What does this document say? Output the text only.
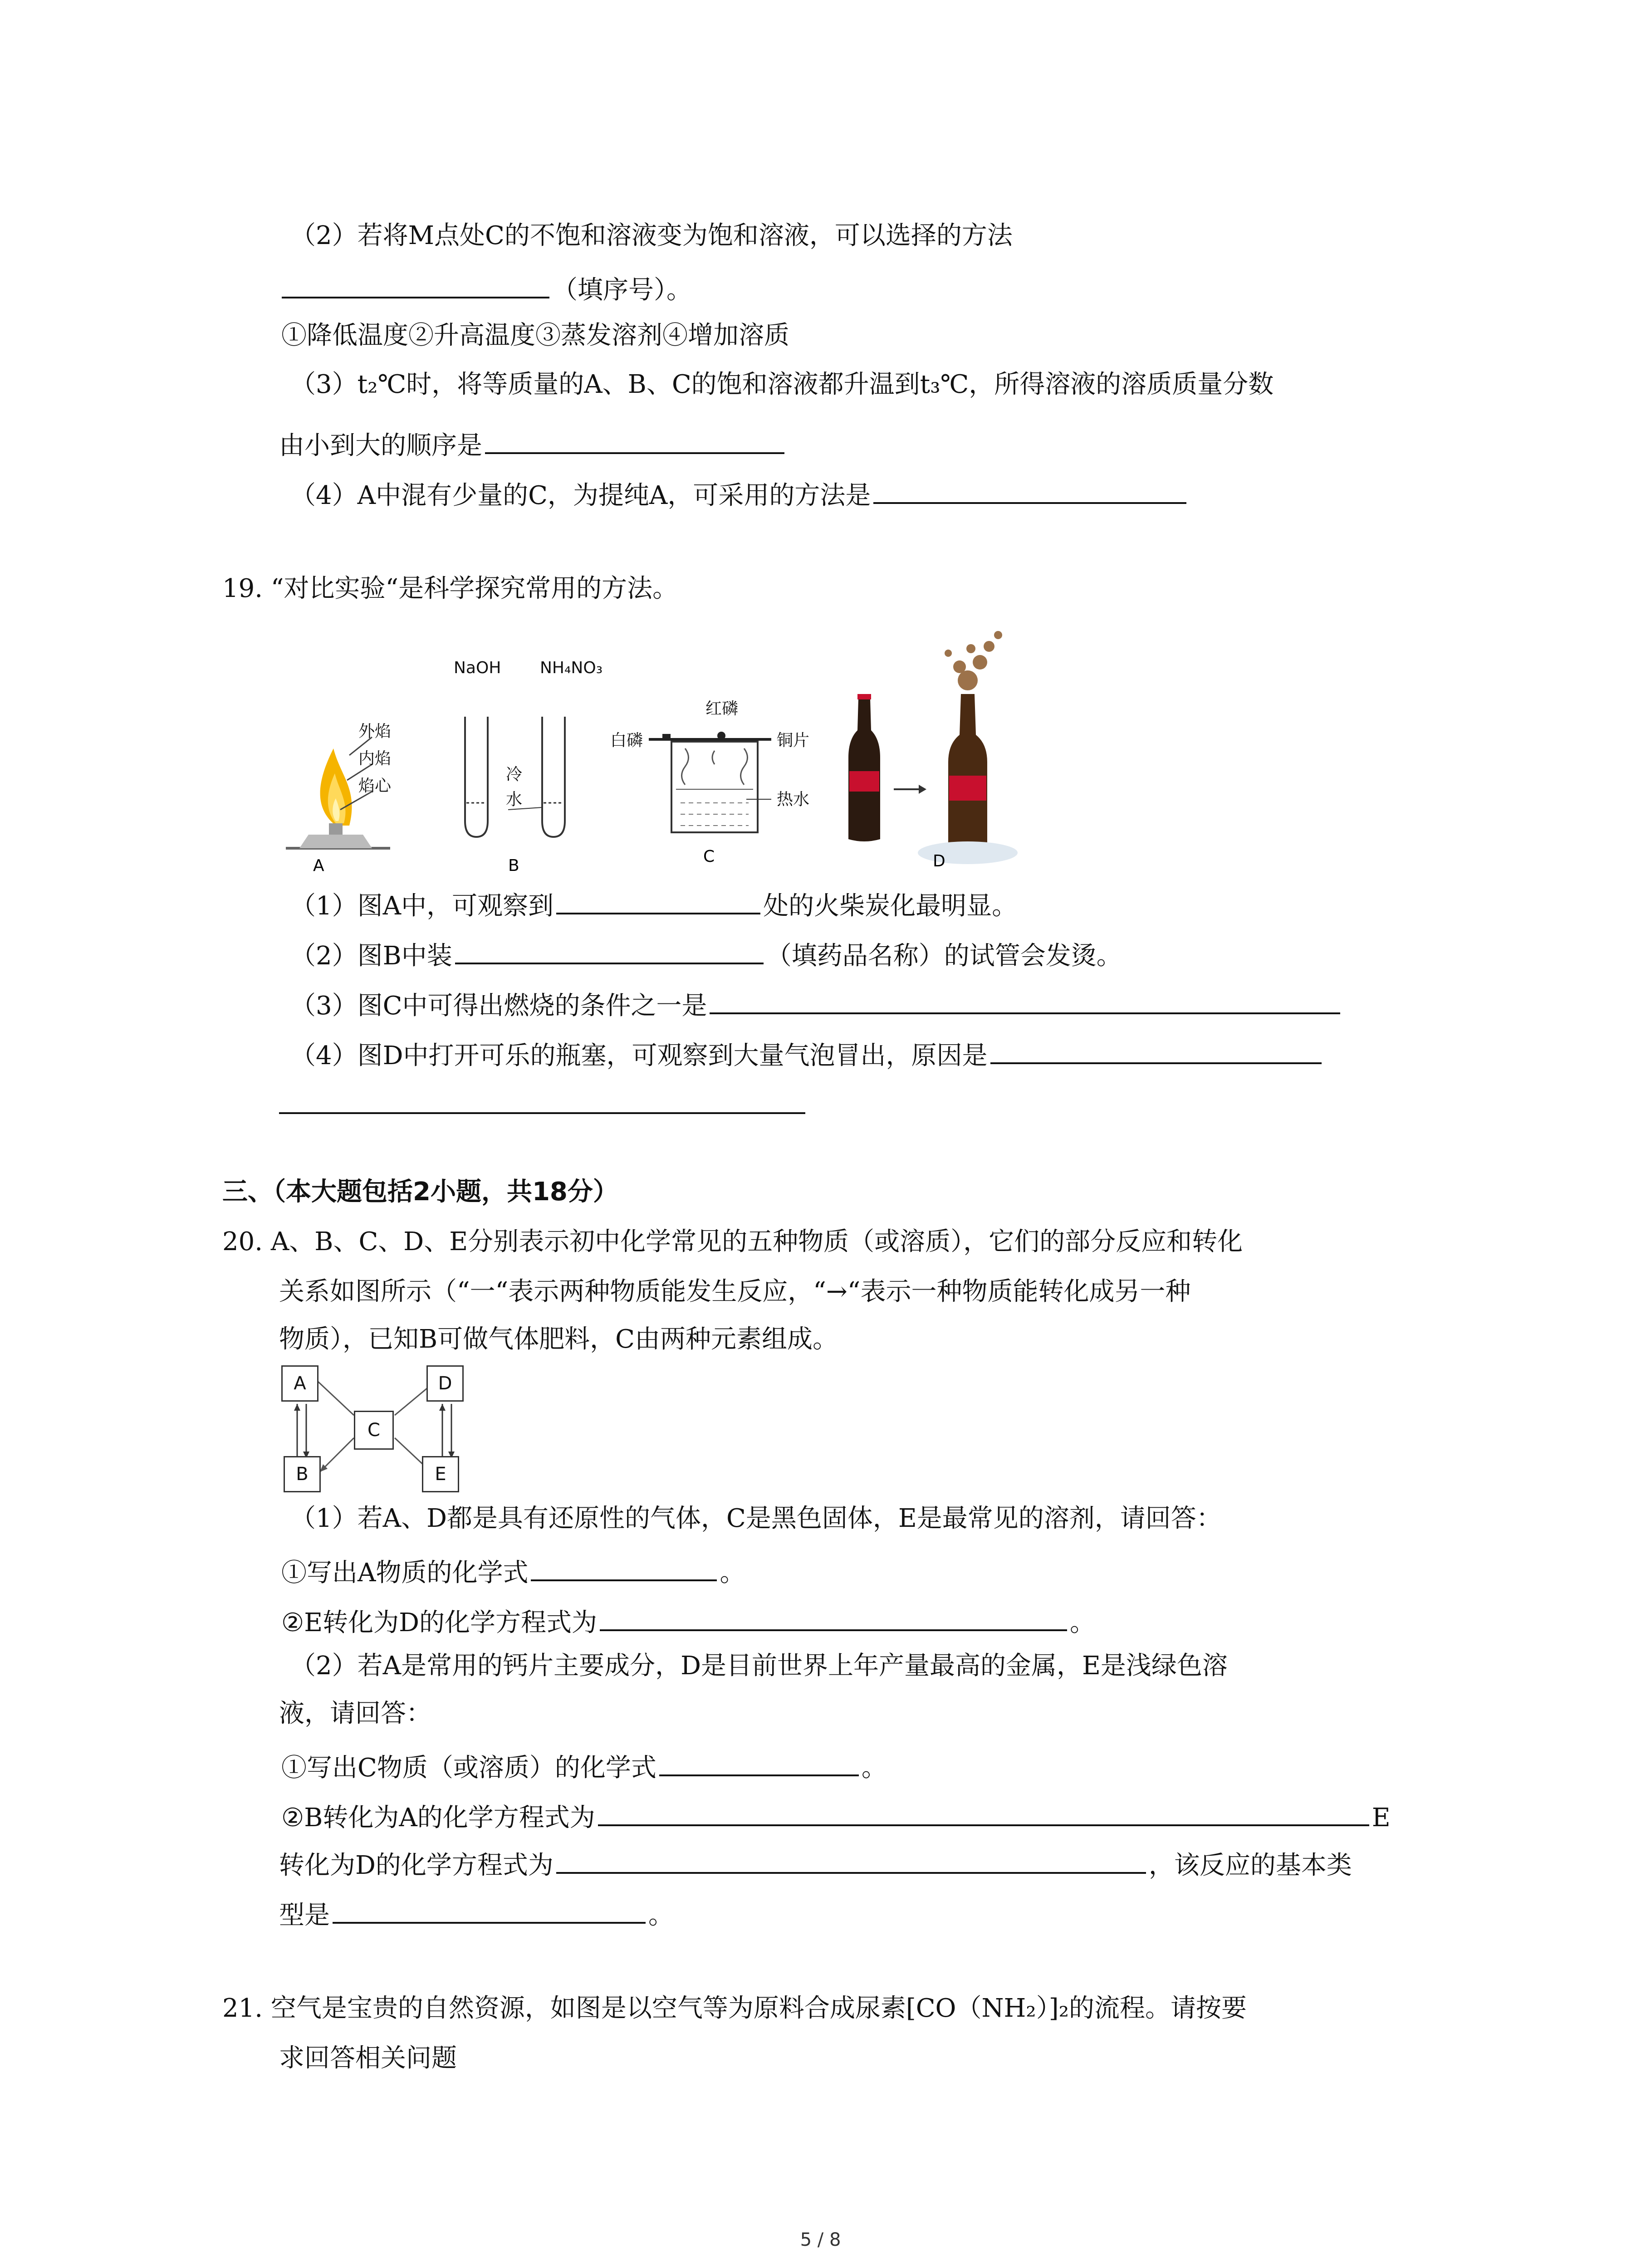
（2）若将M点处C的不饱和溶液变为饱和溶液，可以选择的方法
（填序号）。
①降低温度②升高温度③蒸发溶剂④增加溶质
（3）t₂℃时，将等质量的A、B、C的饱和溶液都升温到t₃℃，所得溶液的溶质质量分数
由小到大的顺序是
（4）A中混有少量的C，为提纯A，可采用的方法是
19. “对比实验“是科学探究常用的方法。
A
外焰
内焰
焰心
B
NaOH NH₄NO₃
冷
水
C
红磷
白磷	铜片
热水
D
（1）图A中，可观察到	处的火柴炭化最明显。
（2）图B中装	（填药品名称）的试管会发烫。
（3）图C中可得出燃烧的条件之一是
（4）图D中打开可乐的瓶塞，可观察到大量气泡冒出，原因是
三、（本大题包括2小题，共18分）
20. A、B、C、D、E分别表示初中化学常见的五种物质（或溶质），它们的部分反应和转化
关系如图所示（“一“表示两种物质能发生反应，“→“表示一种物质能转化成另一种
物质），已知B可做气体肥料，C由两种元素组成。
A	D
C
B	E
（1）若A、D都是具有还原性的气体，C是黑色固体，E是最常见的溶剂，请回答：
①写出A物质的化学式	。
②E转化为D的化学方程式为	。
（2）若A是常用的钙片主要成分，D是目前世界上年产量最高的金属，E是浅绿色溶
液，请回答：
①写出C物质（或溶质）的化学式	。
②B转化为A的化学方程式为	E
转化为D的化学方程式为	，该反应的基本类
型是	。
21. 空气是宝贵的自然资源，如图是以空气等为原料合成尿素[CO（NH₂）]₂的流程。请按要
求回答相关问题
5 / 8
